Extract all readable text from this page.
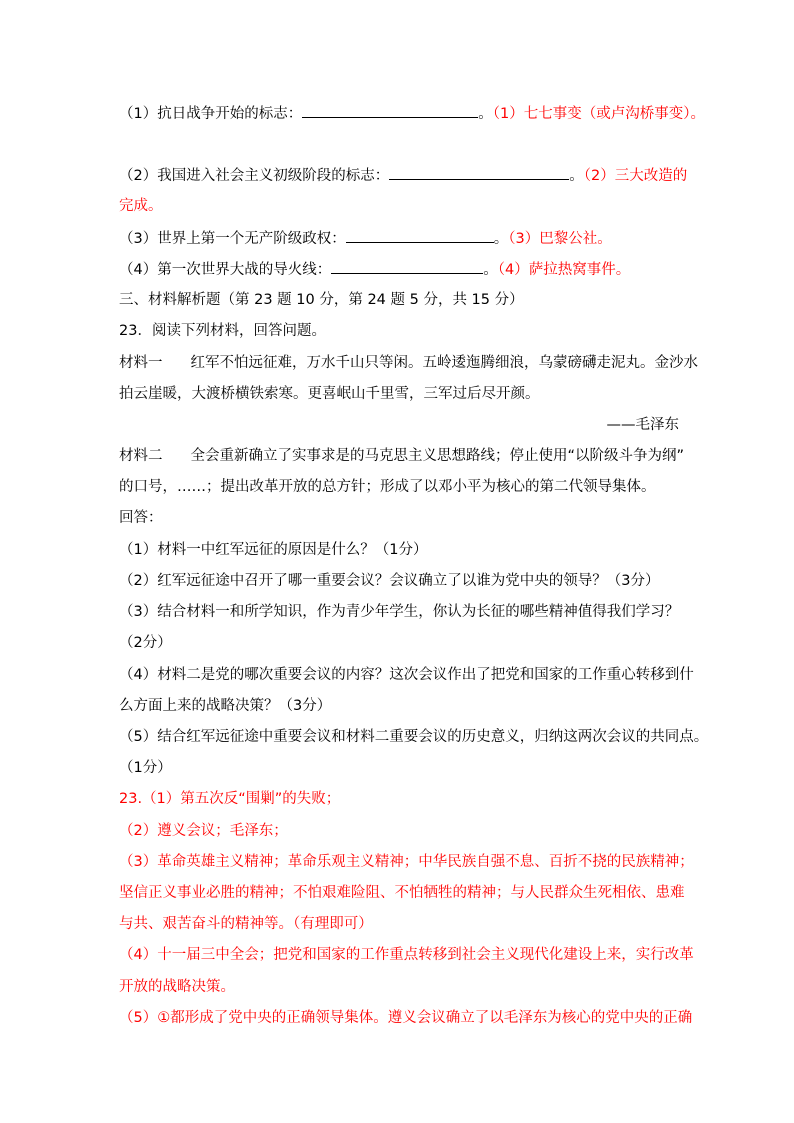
（1）抗日战争开始的标志：	。（1）七七事变（或卢沟桥事变）。
（2）我国进入社会主义初级阶段的标志：	。（2）三大改造的
完成。
（3）世界上第一个无产阶级政权：	。（3）巴黎公社。
（4）第一次世界大战的导火线：	。（4）萨拉热窝事件。
三、材料解析题（第 23 题 10 分，第 24 题 5 分，共 15 分）
23．阅读下列材料，回答问题。
材料一 红军不怕远征难，万水千山只等闲。五岭逶迤腾细浪，乌蒙磅礴走泥丸。金沙水
拍云崖暖，大渡桥横铁索寒。更喜岷山千里雪，三军过后尽开颜。
——毛泽东
材料二 全会重新确立了实事求是的马克思主义思想路线；停止使用“以阶级斗争为纲”
的口号，……；提出改革开放的总方针；形成了以邓小平为核心的第二代领导集体。
回答：
（1）材料一中红军远征的原因是什么？（1分）
（2）红军远征途中召开了哪一重要会议？会议确立了以谁为党中央的领导？（3分）
（3）结合材料一和所学知识，作为青少年学生，你认为长征的哪些精神值得我们学习？
（2分）
（4）材料二是党的哪次重要会议的内容？这次会议作出了把党和国家的工作重心转移到什
么方面上来的战略决策？（3分）
（5）结合红军远征途中重要会议和材料二重要会议的历史意义，归纳这两次会议的共同点。
（1分）
23.（1）第五次反“围剿”的失败；
（2）遵义会议；毛泽东；
（3）革命英雄主义精神；革命乐观主义精神；中华民族自强不息、百折不挠的民族精神；
坚信正义事业必胜的精神；不怕艰难险阻、不怕牺牲的精神；与人民群众生死相依、患难
与共、艰苦奋斗的精神等。（有理即可）
（4）十一届三中全会；把党和国家的工作重点转移到社会主义现代化建设上来，实行改革
开放的战略决策。
（5）①都形成了党中央的正确领导集体。遵义会议确立了以毛泽东为核心的党中央的正确
